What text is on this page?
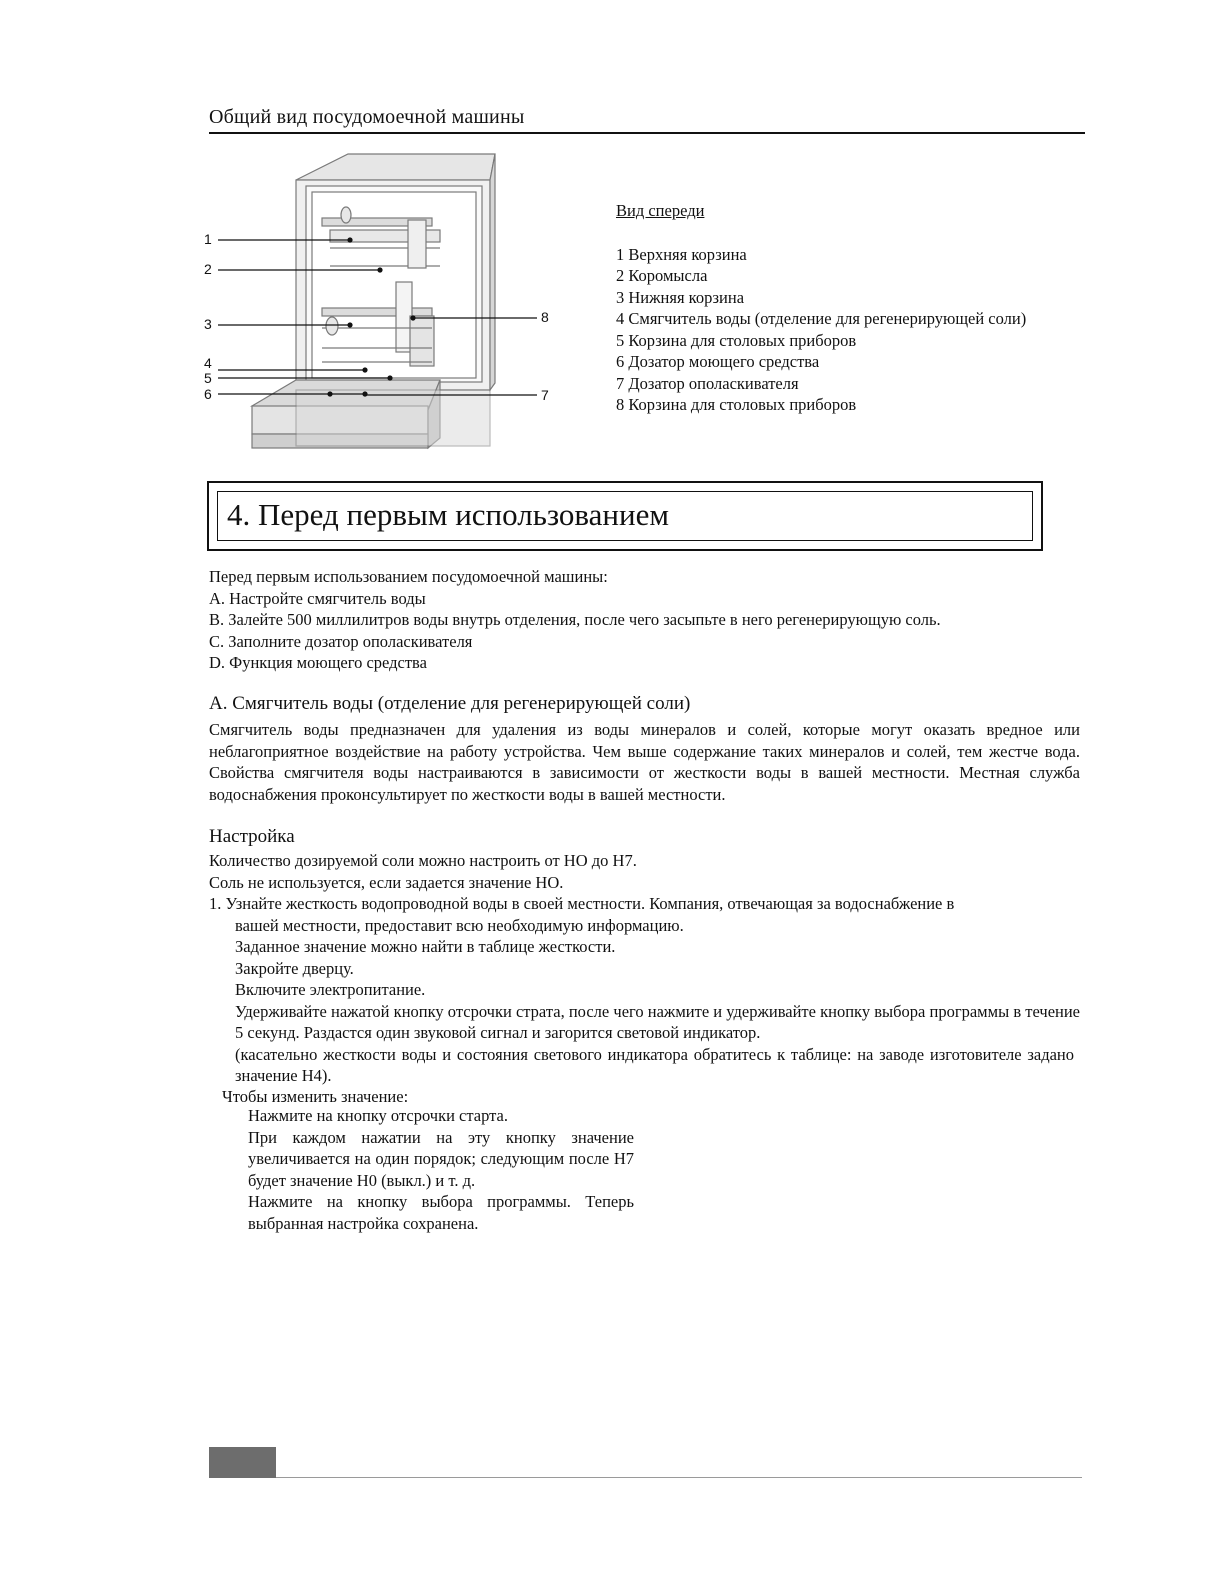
Общий вид посудомоечной машины
1
2
3
4
5
6
8
7
Вид спереди
1 Верхняя корзина
2 Коромысла
3 Нижняя корзина
4 Смягчитель воды (отделение для регенерирующей соли)
5 Корзина для столовых приборов
6 Дозатор моющего средства
7 Дозатор ополаскивателя
8 Корзина для столовых приборов
4. Перед первым использованием
Перед первым использованием посудомоечной машины:
A. Настройте смягчитель воды
B. Залейте 500 миллилитров воды внутрь отделения, после чего засыпьте в него регенерирующую соль.
C. Заполните дозатор ополаскивателя
D. Функция моющего средства
А. Смягчитель воды (отделение для регенерирующей соли)
Смягчитель воды предназначен для удаления из воды минералов и солей, которые могут оказать вредное или неблагоприятное воздействие на работу устройства. Чем выше содержание таких минералов и солей, тем жестче вода. Свойства смягчителя воды настраиваются в зависимости от жесткости воды в вашей местности. Местная служба водоснабжения проконсультирует по жесткости воды в вашей местности.
Настройка
Количество дозируемой соли можно настроить от НO до Н7.
Соль не используется, если задается значение НO.
1. Узнайте жесткость водопроводной воды в своей местности. Компания, отвечающая за водоснабжение в
вашей местности, предоставит всю необходимую информацию.
Заданное значение можно найти в таблице жесткости.
Закройте дверцу.
Включите электропитание.
Удерживайте нажатой кнопку отсрочки страта, после чего нажмите и удерживайте кнопку выбора программы в течение 5 секунд. Раздастся один звуковой сигнал и загорится световой индикатор.
(касательно жесткости воды и состояния светового индикатора обратитесь к таблице: на заводе изготовителе задано значение Н4).
Чтобы изменить значение:
Нажмите на кнопку отсрочки старта.
При каждом нажатии на эту кнопку значение увеличивается на один порядок; следующим после Н7 будет значение Н0 (выкл.) и т. д.
Нажмите на кнопку выбора программы. Теперь выбранная настройка сохранена.
